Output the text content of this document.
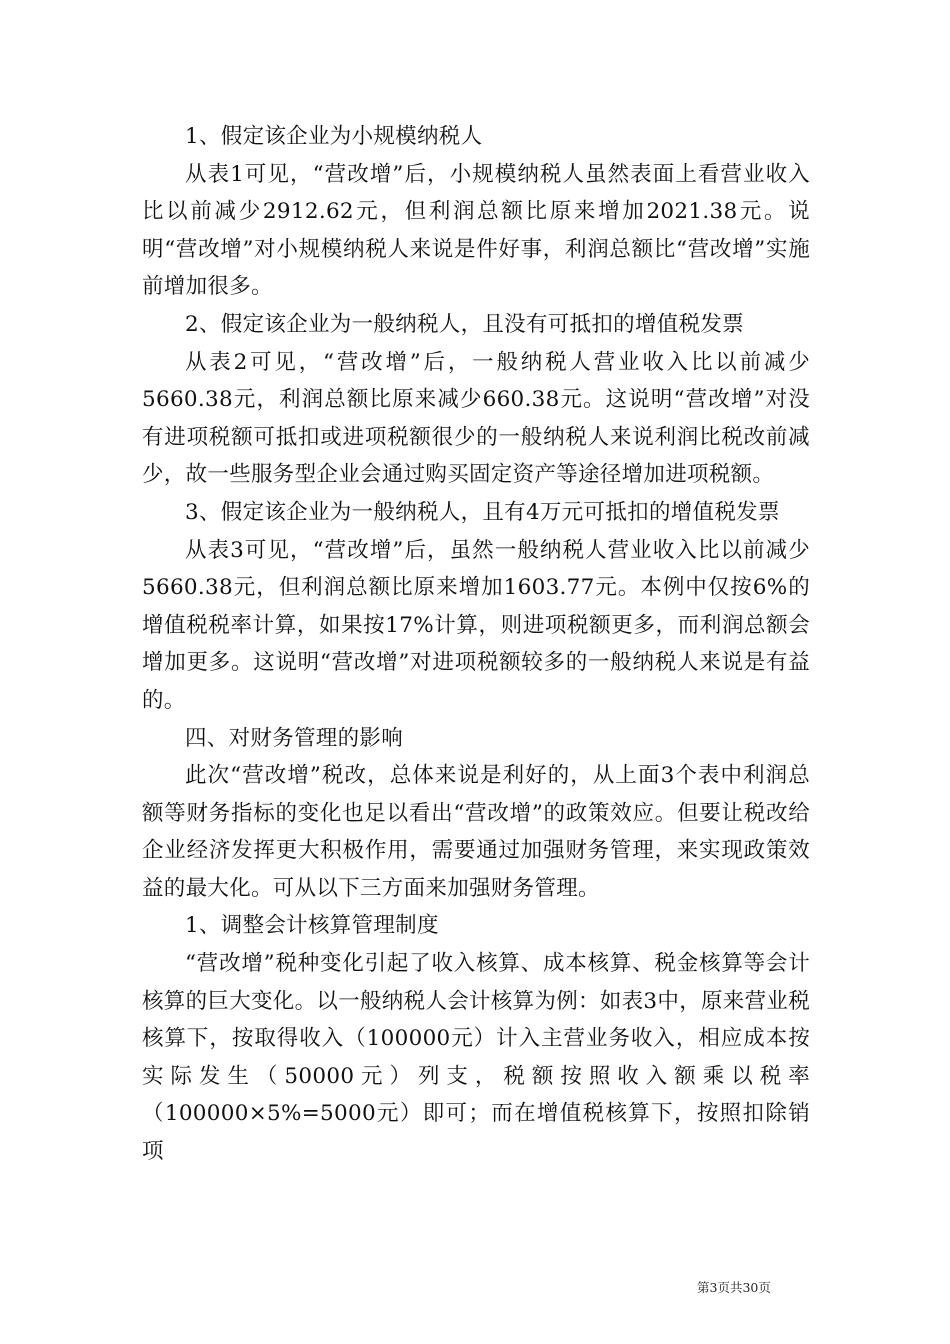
1、假定该企业为小规模纳税人

从表1可见，“营改增”后，小规模纳税人虽然表面上看营业收入比以前减少2912.62元，但利润总额比原来增加2021.38元。说明“营改增”对小规模纳税人来说是件好事，利润总额比“营改增”实施前增加很多。

2、假定该企业为一般纳税人，且没有可抵扣的增值税发票

从表2可见，“营改增”后，一般纳税人营业收入比以前减少5660.38元，利润总额比原来减少660.38元。这说明“营改增”对没有进项税额可抵扣或进项税额很少的一般纳税人来说利润比税改前减少，故一些服务型企业会通过购买固定资产等途径增加进项税额。

3、假定该企业为一般纳税人，且有4万元可抵扣的增值税发票

从表3可见，“营改增”后，虽然一般纳税人营业收入比以前减少5660.38元，但利润总额比原来增加1603.77元。本例中仅按6%的增值税税率计算，如果按17%计算，则进项税额更多，而利润总额会增加更多。这说明“营改增”对进项税额较多的一般纳税人来说是有益的。

四、对财务管理的影响

此次“营改增”税改，总体来说是利好的，从上面3个表中利润总额等财务指标的变化也足以看出“营改增”的政策效应。但要让税改给企业经济发挥更大积极作用，需要通过加强财务管理，来实现政策效益的最大化。可从以下三方面来加强财务管理。

1、调整会计核算管理制度

“营改增”税种变化引起了收入核算、成本核算、税金核算等会计核算的巨大变化。以一般纳税人会计核算为例：如表3中，原来营业税核算下，按取得收入（100000元）计入主营业务收入，相应成本按实际发生（50000元）列支，税额按照收入额乘以税率（100000×5%=5000元）即可；而在增值税核算下，按照扣除销项

第3页共30页
